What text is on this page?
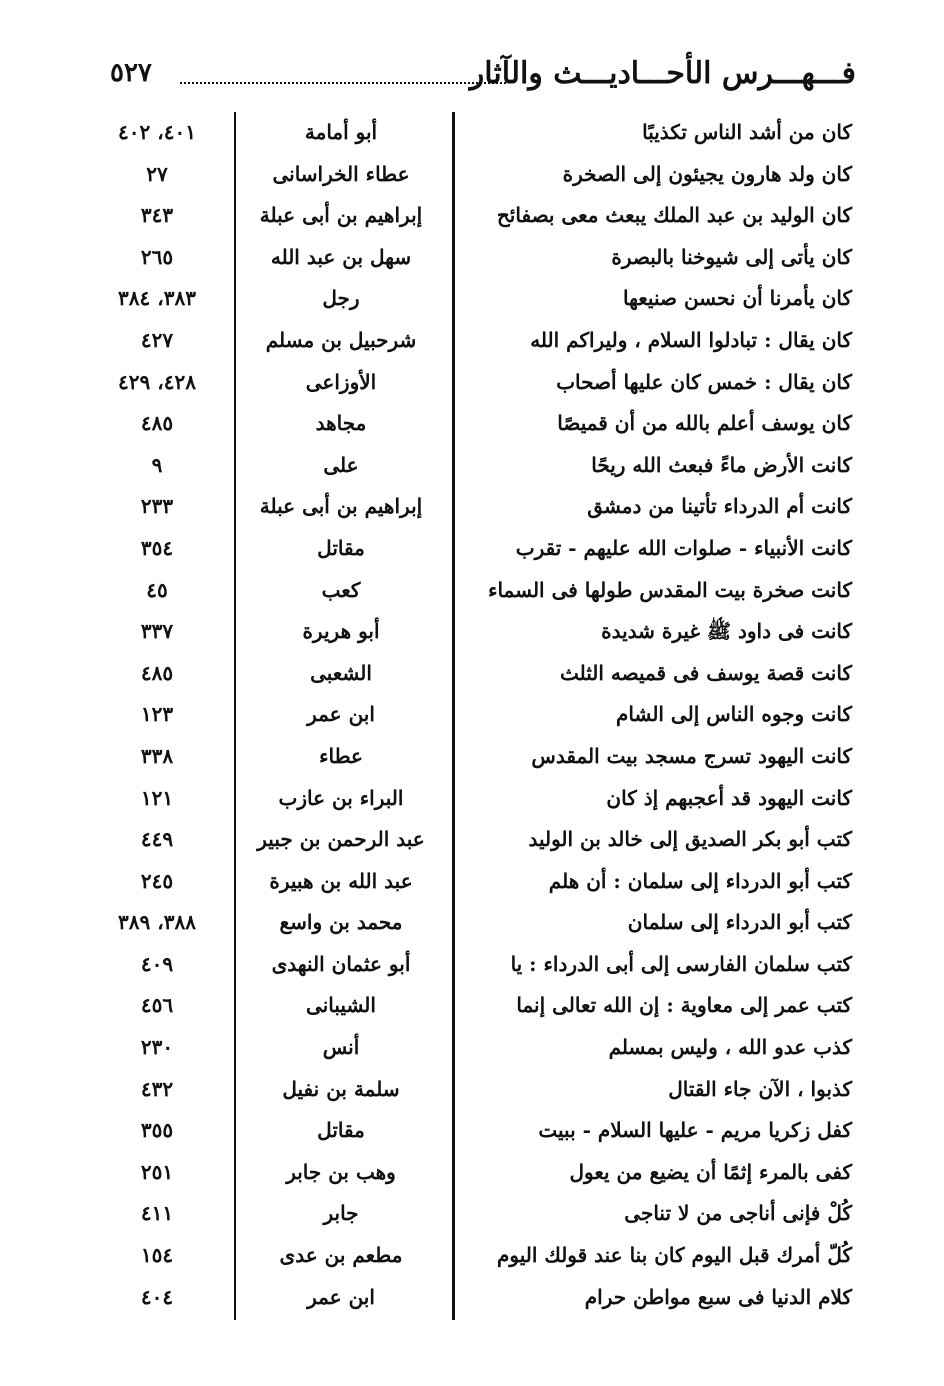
فـــهـــرس الأحـــاديـــث والآثار
٥٢٧
كان من أشد الناس تكذيبًا
أبو أمامة
٤٠١، ٤٠٢
كان ولد هارون يجيئون إلى الصخرة
عطاء الخراسانى
٢٧
كان الوليد بن عبد الملك يبعث معى بصفائح
إبراهيم بن أبى عبلة
٣٤٣
كان يأتى إلى شيوخنا بالبصرة
سهل بن عبد الله
٢٦٥
كان يأمرنا أن نحسن صنيعها
رجل
٣٨٣، ٣٨٤
كان يقال : تبادلوا السلام ، وليراكم الله
شرحبيل بن مسلم
٤٢٧
كان يقال : خمس كان عليها أصحاب
الأوزاعى
٤٢٨، ٤٢٩
كان يوسف أعلم بالله من أن قميصًا
مجاهد
٤٨٥
كانت الأرض ماءً فبعث الله ريحًا
على
٩
كانت أم الدرداء تأتينا من دمشق
إبراهيم بن أبى عبلة
٢٣٣
كانت الأنبياء - صلوات الله عليهم - تقرب
مقاتل
٣٥٤
كانت صخرة بيت المقدس طولها فى السماء
كعب
٤٥
كانت فى داود ﷺ غيرة شديدة
أبو هريرة
٣٣٧
كانت قصة يوسف فى قميصه الثلث
الشعبى
٤٨٥
كانت وجوه الناس إلى الشام
ابن عمر
١٢٣
كانت اليهود تسرج مسجد بيت المقدس
عطاء
٣٣٨
كانت اليهود قد أعجبهم إذ كان
البراء بن عازب
١٢١
كتب أبو بكر الصديق إلى خالد بن الوليد
عبد الرحمن بن جبير
٤٤٩
كتب أبو الدرداء إلى سلمان : أن هلم
عبد الله بن هبيرة
٢٤٥
كتب أبو الدرداء إلى سلمان
محمد بن واسع
٣٨٨، ٣٨٩
كتب سلمان الفارسى إلى أبى الدرداء : يا
أبو عثمان النهدى
٤٠٩
كتب عمر إلى معاوية : إن الله تعالى إنما
الشيبانى
٤٥٦
كذب عدو الله ، وليس بمسلم
أنس
٢٣٠
كذبوا ، الآن جاء القتال
سلمة بن نفيل
٤٣٢
كفل زكريا مريم - عليها السلام - ببيت
مقاتل
٣٥٥
كفى بالمرء إثمًا أن يضيع من يعول
وهب بن جابر
٢٥١
كُلْ فإنى أناجى من لا تناجى
جابر
٤١١
كُلّ أمرك قبل اليوم كان بنا عند قولك اليوم
مطعم بن عدى
١٥٤
كلام الدنيا فى سبع مواطن حرام
ابن عمر
٤٠٤
